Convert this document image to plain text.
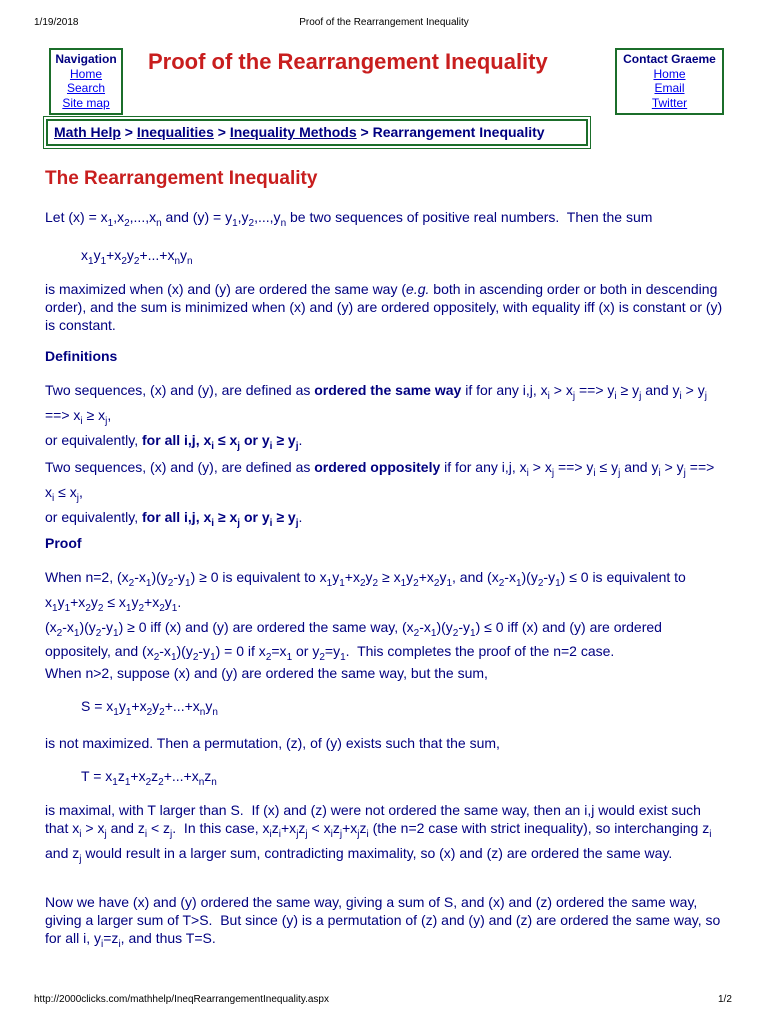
1/19/2018	Proof of the Rearrangement Inequality
Navigation
Home
Search
Site map
Proof of the Rearrangement Inequality	Contact Graeme
Home
Email
Twitter
Math Help > Inequalities > Inequality Methods > Rearrangement Inequality
The Rearrangement Inequality
Let $(x) = x_1,x_2,...,x_n$ and $(y) = y_1,y_2,...,y_n$ be two sequences of positive real numbers.  Then the sum
$x_1y_1+x_2y_2+...+x_ny_n$
is maximized when (x) and (y) are ordered the same way (e.g. both in ascending order or both in descending order), and the sum is minimized when (x) and (y) are ordered oppositely, with equality iff (x) is constant or (y) is constant.
Definitions
Two sequences, (x) and (y), are defined as ordered the same way if for any i,j, $x_i > x_j$ ==> $y_i \ge y_j$ and $y_i > y_j$ ==> $x_i \ge x_j$,
or equivalently, for all i,j, $x_i \le x_j$ or $y_i \ge y_j$.
Two sequences, (x) and (y), are defined as ordered oppositely if for any i,j, $x_i > x_j$ ==> $y_i \le y_j$ and $y_i > y_j$ ==> $x_i \le x_j$,
or equivalently, for all i,j, $x_i \ge x_j$ or $y_i \ge y_j$.
Proof
When n=2, $(x_2-x_1)(y_2-y_1) \ge 0$ is equivalent to $x_1y_1+x_2y_2 \ge x_1y_2+x_2y_1$, and $(x_2-x_1)(y_2-y_1) \le 0$ is equivalent to $x_1y_1+x_2y_2 \le x_1y_2+x_2y_1$.
$(x_2-x_1)(y_2-y_1) \ge 0$ iff (x) and (y) are ordered the same way, $(x_2-x_1)(y_2-y_1) \le 0$ iff (x) and (y) are ordered oppositely, and $(x_2-x_1)(y_2-y_1) = 0$ if $x_2=x_1$ or $y_2=y_1$.  This completes the proof of the n=2 case.
When n>2, suppose (x) and (y) are ordered the same way, but the sum,
$S = x_1y_1+x_2y_2+...+x_ny_n$
is not maximized. Then a permutation, (z), of (y) exists such that the sum,
$T = x_1z_1+x_2z_2+...+x_nz_n$
is maximal, with T larger than S.  If (x) and (z) were not ordered the same way, then an i,j would exist such that $x_i > x_j$ and $z_i < z_j$.  In this case, $x_iz_i+x_jz_j < x_iz_j+x_jz_i$ (the n=2 case with strict inequality), so interchanging $z_i$ and $z_j$ would result in a larger sum, contradicting maximality, so (x) and (z) are ordered the same way.
Now we have (x) and (y) ordered the same way, giving a sum of S, and (x) and (z) ordered the same way, giving a larger sum of T>S.  But since (y) is a permutation of (z) and (y) and (z) are ordered the same way, so for all i, $y_i=z_i$, and thus T=S.
http://2000clicks.com/mathhelp/IneqRearrangementInequality.aspx	1/2
